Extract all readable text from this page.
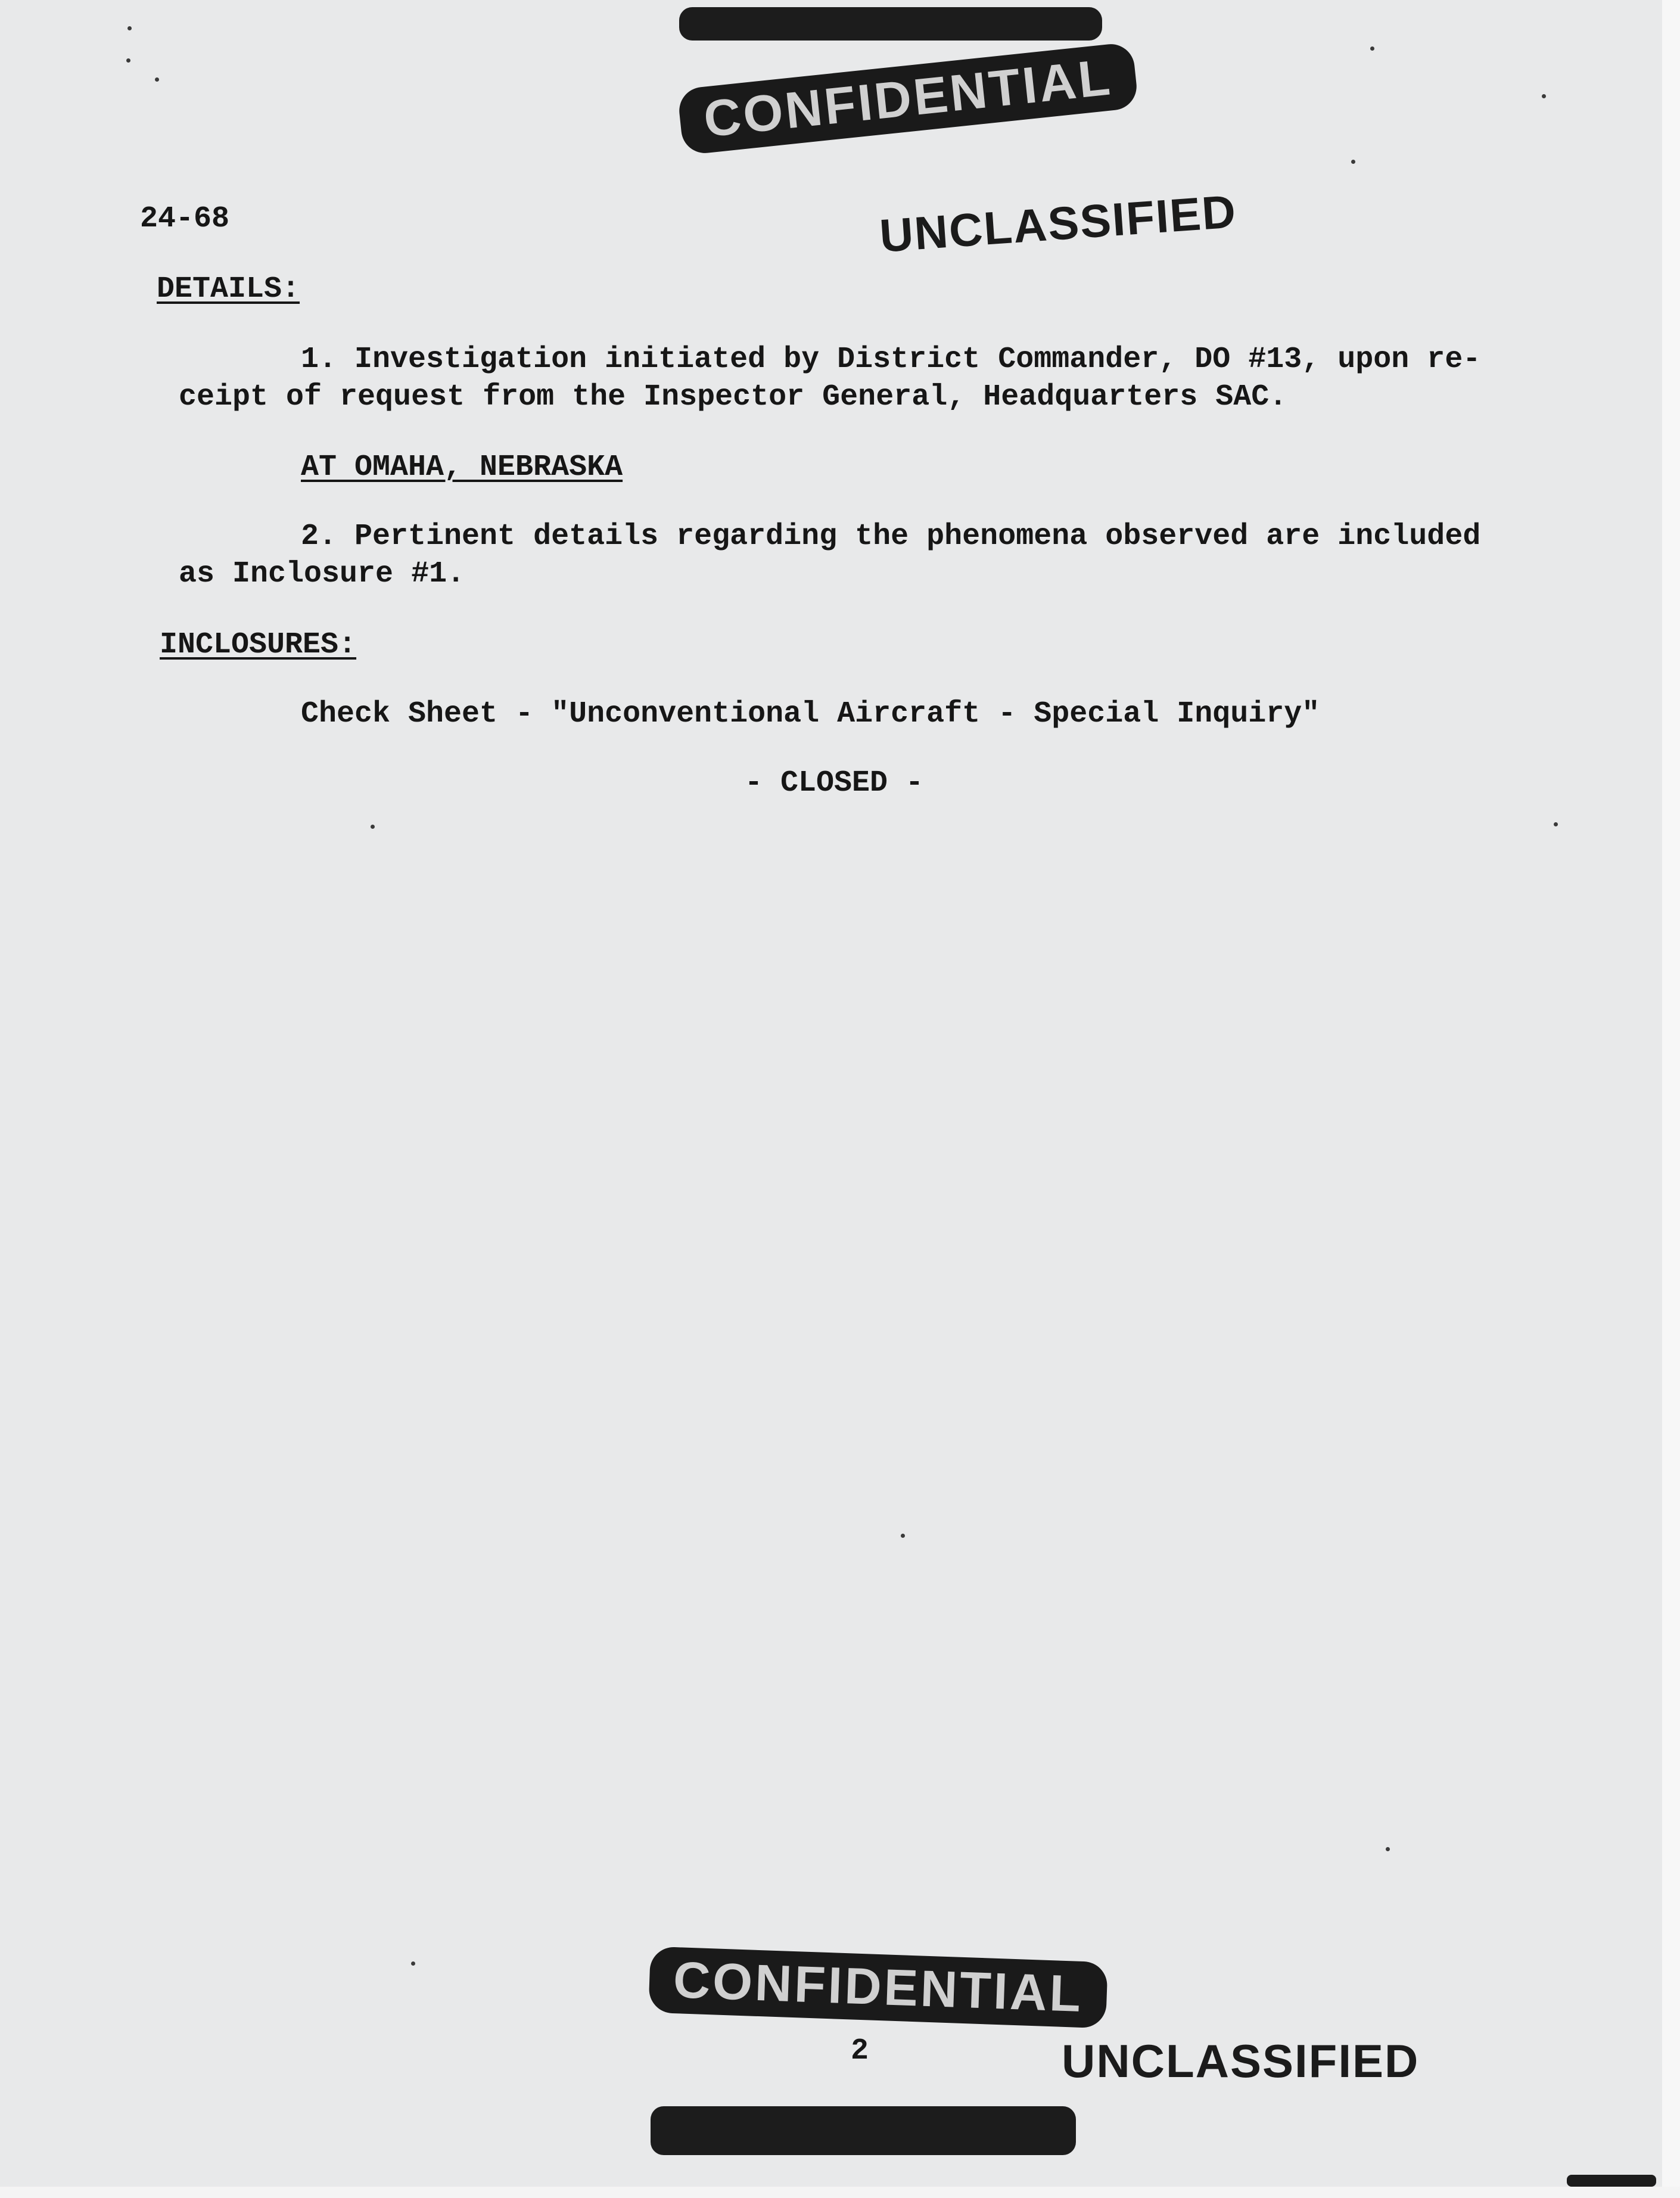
CONFIDENTIAL
UNCLASSIFIED
24-68
DETAILS:
1. Investigation initiated by District Commander, DO #13, upon re-
ceipt of request from the Inspector General, Headquarters SAC.
AT OMAHA, NEBRASKA
2. Pertinent details regarding the phenomena observed are included
as Inclosure #1.
INCLOSURES:
Check Sheet - "Unconventional Aircraft - Special Inquiry"
- CLOSED -
CONFIDENTIAL
2	UNCLASSIFIED
